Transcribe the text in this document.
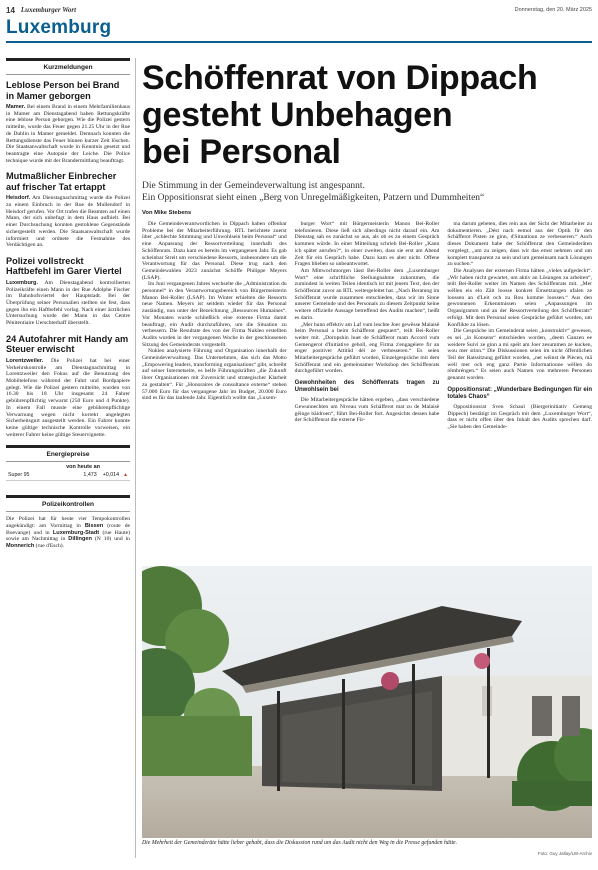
14 Luxemburger Wort	Donnerstag, den 20. März 2025
Luxemburg
Kurzmeldungen
Leblose Person bei Brand in Mamer geborgen

Mamer. Bei einem Brand in einem Mehrfamilienhaus in Mamer am Dienstagabend haben Rettungskräfte eine leblose Person geborgen. Wie die Polizei gestern mitteilte, wurde das Feuer gegen 21.25 Uhr in der Rue de Dublin in Mamer gemeldet. Demnach konnten die Rettungsdienste das Feuer binnen kurzer Zeit löschen. Die Staatsanwaltschaft wurde in Kenntnis gesetzt und beantragte eine Autopsie der Leiche. Die Police technique wurde mit der Brandermittlung beauftragt.

Mutmaßlicher Einbrecher auf frischer Tat ertappt

Heisdorf. Am Dienstagnachmittag wurde die Polizei zu einem Einbruch in der Rue de Mullendorf in Heisdorf gerufen. Vor Ort trafen die Beamten auf einen Mann, der sich unbefugt in dem Haus aufhielt. Bei einer Durchsuchung konnten gestohlene Gegenstände sichergestellt werden. Die Staatsanwaltschaft wurde informiert und ordnete die Festnahme des Verdächtigen an.

Polizei vollstreckt Haftbefehl im Garer Viertel

Luxemburg. Am Dienstagabend kontrollierten Polizeikräfte einen Mann in der Rue Adolphe Fischer im Bahnhofsviertel der Hauptstadt. Bei der Überprüfung seiner Personalien stellten sie fest, dass gegen ihn ein Haftbefehl vorlag. Nach einer ärztlichen Untersuchung wurde der Mann in das Centre Pénitentiaire Uerschterhaff überstellt.

24 Autofahrer mit Handy am Steuer erwischt

Lorentzweiler. Die Polizei hat bei einer Verkehrskontrolle am Dienstagnachmittag in Lorentzweiler den Fokus auf die Benutzung des Mobiltelefons während der Fahrt und Bordpapiere gelegt. Wie die Polizei gestern mitteilte, wurden von 16.30 bis 18 Uhr insgesamt 24 Fahrer gebührenpflichtig verwarnt (250 Euro und 4 Punkte). In einem Fall musste eine gebührenpflichtige Verwarnung wegen nicht korrekt angelegten Sicherheitsgurt ausgestellt werden. Ein Fahrer konnte keine gültige technische Kontrolle vorweisen, ein weiterer Fahrer keine gültige Steuervignette.

Energiepreise
von heute an
Super 95	1,473 +0,014 ▲
Polizeikontrollen

Die Polizei hat für heute vier Tempokontrollen angekündigt: am Vormittag in Bissen (route de Boevange) und in Luxemburg-Stadt (rue Haute) sowie am Nachmittag in Dillingen (N 10) und in Monnerich (rue d'Esch).

Schöffenrat von Dippach
gesteht Unbehagen
bei Personal
Die Stimmung in der Gemeindeverwaltung ist angespannt.
Ein Oppositionsrat sieht einen „Berg von Unregelmäßigkeiten, Patzern und Dummheiten“
Von Mike Stebens

Die Gemeindeverantwortlichen in Dippach haben offenbar Probleme bei der Mitarbeiterführung. RTL berichtete zuerst über „schlechte Stimmung und Unwohlsein beim Personal“ und eine Anpassung der Ressortverteilung innerhalb des Schöffenrats. Dazu kam es bereits im vergangenen Jahr. Es gab scheinbar Streit um verschiedene Ressorts, insbesondere um die Verantwortung für das Personal. Diese trug nach den Gemeindewahlen 2023 zunächst Schöffe Philippe Meyers (LSAP).

Im Juni vergangenen Jahres wechselte die „Administration du personnel“ in den Verantwortungsbereich von Bürgermeisterin Manon Bei-Roller (LSAP). Im Winter erhielten die Ressorts neue Namen. Meyers ist seitdem wieder für das Personal zuständig, nun unter der Bezeichnung „Ressources Humaines“. Vor Monaten wurde schließlich eine externe Firma damit beauftragt, ein Audit durchzuführen, um die Situation zu verbessern. Die Resultate des von der Firma Nukleo erstellten Audits wurden in der vergangenen Woche in der geschlossenen Sitzung des Gemeinderats vorgestellt.

Nukleo analysierte Führung und Organisation innerhalb der Gemeindeverwaltung. Das Unternehmen, das sich das Motto „Empowering leaders, transforming organisations“ gibt, schreibt auf seiner Internetseite, es helfe Führungskräften „die Zukunft ihrer Organisationen mit Zuversicht und strategischer Klarheit zu gestalten“. Für „Honoraires de consultance externe“ stehen 57.000 Euro für das vergangene Jahr im Budget, 20.000 Euro sind es für das laufende Jahr. Eigentlich wollte das „Luxem-

burger Wort“ mit Bürgermeisterin Manon Bei-Roller telefonieren. Diese ließ sich allerdings nicht darauf ein. Am Dienstag sah es zunächst so aus, als ob es zu einem Gespräch kommen würde. In einer Mitteilung schrieb Bei-Roller „Kann ich später anrufen?“, in einer zweiten, dass sie erst am Abend Zeit für ein Gespräch habe. Dazu kam es aber nicht. Offene Fragen blieben so unbeantwortet.

Am Mittwochmorgen lässt Bei-Roller dem „Luxemburger Wort“ eine schriftliche Stellungnahme zukommen, die zumindest in weiten Teilen identisch ist mit jenem Text, den der Schöffenrat zuvor an RTL weitergeleitet hat. „Nach Beratung im Schöffenrat wurde zusammen entschieden, dass wir im Sinne unserer Gemeinde und des Personals zu diesem Zeitpunkt keine weitere offizielle Aussage betreffend des Audits machen“, heißt es darin.

„Mer hunn effektiv am Laf vum leschte Joer gewësse Malaisë beim Personal a beim Schäfferot gespuert“, teilt Bei-Roller weiter mit. „Doropshin huet de Schäfferot mam Accord vum Gemengerot d'Initiative geholl, eng Firma z'engagéiere fir an enger positiver Attitüd déi ze verbesseren.“ Es seien Mitarbeitergespräche geführt worden, Einzelgespräche mit dem Schöffenrat und ein gemeinsamer Workshop des Schöffenrats durchgeführt worden.

Gewohnheiten des Schöffenrats tragen zu Unwohlsein bei

Die Mitarbeitergespräche hätten ergeben, „dass verschiedene Gewunnechten um Niveau vum Schäfferot mat zu de Malaisë gëinge bäidroen“, führt Bei-Roller fort. Angesichts dessen habe der Schöffenrat die externe Fir-

ma darum gebeten, dies rein aus der Sicht der Mitarbeiter zu dokumentieren. „Dést nach eemol aus der Optik fir den Schäfferot Pisten ze ginn, d'Situatioun ze verbesseren.“ Auch dieses Dokument habe der Schöffenrat den Gemeinderäten vorgelegt, „um zu zeigen, dass wir das ernst nehmen und um komplett transparent zu sein und um gemeinsam nach Lösungen zu suchen.“

Die Analysen der externen Firma hätten „vieles aufgedeckt“. „Wir haben nicht gewartet, um aktiv an Lösungen zu arbeiten“, teilt Bei-Roller weiter im Namen des Schöffenrats mit. „Mer wëllen eis elo Zäit loosse konkret Ëmsetzungen ufalen ze loossen an d'Leit och zu Rou komme loossen.“ Aus den gewonnenen Erkenntnissen seien „Anpassungen im Organigramm und an der Ressortverteilung des Schöffenrats“ erfolgt. Mit dem Personal seien Gespräche geführt worden, um Konflikte zu lösen.

Die Gespräche im Gemeinderat seien „konstruktiv“ gewesen, es sei „in Konsens“ entschieden worden, „deem Ganzen ee weidere Suivi ze ginn a mi spéit am Joer zesummen ze kucken, wou mer stinn.“ Die Diskussionen seien im nicht öffentlichen Teil der Ratssitzung geführt worden, „net wéinst de Piècen, mä well mer och eng ganz Partie Informatioune wëllen do rëmbréngen.“ Es seien auch Namen von mehreren Personen genannt worden.

Oppositionsrat: „Wunderbare Bedingungen für ein totales Chaos“

Oppositionsrat Sven Schaul (Biergerinitiativ Gemeng Dippech) bestätigt im Gespräch mit dem „Luxemburger Wort“, dass er nicht offen über den Inhalt des Audits sprechen darf. „Sie haben den Gemeinde-

Die Mehrheit der Gemeinderäte hätte lieber gehabt, dass die Diskussion rund um das Audit nicht den Weg in die Presse gefunden hätte.
Foto: Guy Jallay/LW-Archiv
